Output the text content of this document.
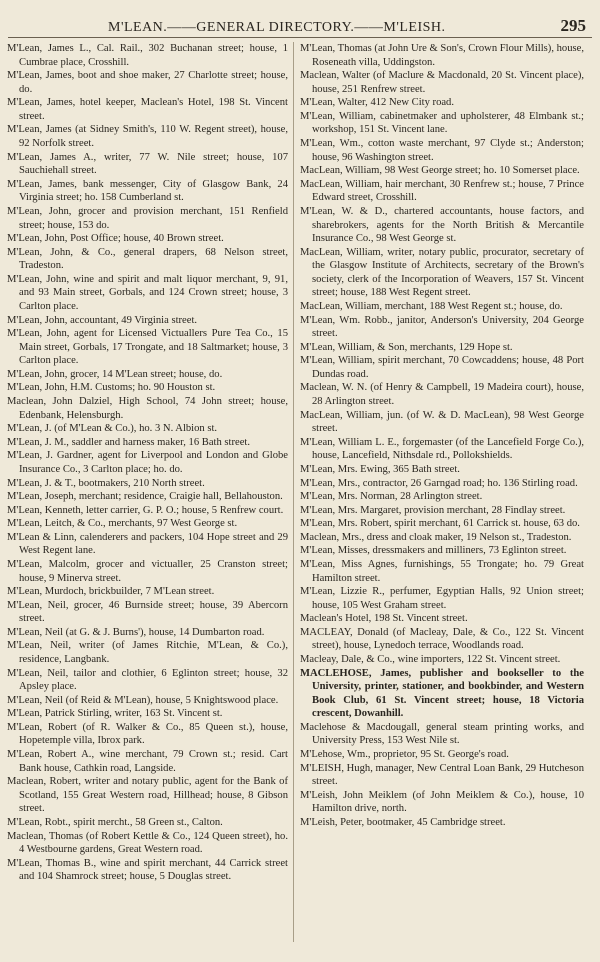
M'LEAN.——GENERAL DIRECTORY.——M'LEISH.	295

M'Lean, James L., Cal. Rail., 302 Buchanan street; house, 1 Cumbrae place, Crosshill.

M'Lean, James, boot and shoe maker, 27 Charlotte street; house, do.

M'Lean, James, hotel keeper, Maclean's Hotel, 198 St. Vincent street.

M'Lean, James (at Sidney Smith's, 110 W. Regent street), house, 92 Norfolk street.

M'Lean, James A., writer, 77 W. Nile street; house, 107 Sauchiehall street.

M'Lean, James, bank messenger, City of Glasgow Bank, 24 Virginia street; ho. 158 Cumberland st.

M'Lean, John, grocer and provision merchant, 151 Renfield street; house, 153 do.

M'Lean, John, Post Office; house, 40 Brown street.

M'Lean, John, & Co., general drapers, 68 Nelson street, Tradeston.

M'Lean, John, wine and spirit and malt liquor merchant, 9, 91, and 93 Main street, Gorbals, and 124 Crown street; house, 3 Carlton place.

M'Lean, John, accountant, 49 Virginia street.

M'Lean, John, agent for Licensed Victuallers Pure Tea Co., 15 Main street, Gorbals, 17 Trongate, and 18 Saltmarket; house, 3 Carlton place.

M'Lean, John, grocer, 14 M'Lean street; house, do.

M'Lean, John, H.M. Customs; ho. 90 Houston st.

Maclean, John Dalziel, High School, 74 John street; house, Edenbank, Helensburgh.

M'Lean, J. (of M'Lean & Co.), ho. 3 N. Albion st.

M'Lean, J. M., saddler and harness maker, 16 Bath street.

M'Lean, J. Gardner, agent for Liverpool and London and Globe Insurance Co., 3 Carlton place; ho. do.

M'Lean, J. & T., bootmakers, 210 North street.

M'Lean, Joseph, merchant; residence, Craigie hall, Bellahouston.

M'Lean, Kenneth, letter carrier, G. P. O.; house, 5 Renfrew court.

M'Lean, Leitch, & Co., merchants, 97 West George st.

M'Lean & Linn, calenderers and packers, 104 Hope street and 29 West Regent lane.

M'Lean, Malcolm, grocer and victualler, 25 Cranston street; house, 9 Minerva street.

M'Lean, Murdoch, brickbuilder, 7 M'Lean street.

M'Lean, Neil, grocer, 46 Burnside street; house, 39 Abercorn street.

M'Lean, Neil (at G. & J. Burns'), house, 14 Dumbarton road.

M'Lean, Neil, writer (of James Ritchie, M'Lean, & Co.), residence, Langbank.

M'Lean, Neil, tailor and clothier, 6 Eglinton street; house, 32 Apsley place.

M'Lean, Neil (of Reid & M'Lean), house, 5 Knightswood place.

M'Lean, Patrick Stirling, writer, 163 St. Vincent st.

M'Lean, Robert (of R. Walker & Co., 85 Queen st.), house, Hopetemple villa, Ibrox park.

M'Lean, Robert A., wine merchant, 79 Crown st.; resid. Cart Bank house, Cathkin road, Langside.

Maclean, Robert, writer and notary public, agent for the Bank of Scotland, 155 Great Western road, Hillhead; house, 8 Gibson street.

M'Lean, Robt., spirit mercht., 58 Green st., Calton.

Maclean, Thomas (of Robert Kettle & Co., 124 Queen street), ho. 4 Westbourne gardens, Great Western road.

M'Lean, Thomas B., wine and spirit merchant, 44 Carrick street and 104 Shamrock street; house, 5 Douglas street.

M'Lean, Thomas (at John Ure & Son's, Crown Flour Mills), house, Roseneath villa, Uddingston.

Maclean, Walter (of Maclure & Macdonald, 20 St. Vincent place), house, 251 Renfrew street.

M'Lean, Walter, 412 New City road.

M'Lean, William, cabinetmaker and upholsterer, 48 Elmbank st.; workshop, 151 St. Vincent lane.

M'Lean, Wm., cotton waste merchant, 97 Clyde st.; Anderston; house, 96 Washington street.

MacLean, William, 98 West George street; ho. 10 Somerset place.

MacLean, William, hair merchant, 30 Renfrew st.; house, 7 Prince Edward street, Crosshill.

M'Lean, W. & D., chartered accountants, house factors, and sharebrokers, agents for the North British & Mercantile Insurance Co., 98 West George st.

MacLean, William, writer, notary public, procurator, secretary of the Glasgow Institute of Architects, secretary of the Brown's society, clerk of the Incorporation of Weavers, 157 St. Vincent street; house, 188 West Regent street.

MacLean, William, merchant, 188 West Regent st.; house, do.

M'Lean, Wm. Robb., janitor, Anderson's University, 204 George street.

M'Lean, William, & Son, merchants, 129 Hope st.

M'Lean, William, spirit merchant, 70 Cowcaddens; house, 48 Port Dundas road.

Maclean, W. N. (of Henry & Campbell, 19 Madeira court), house, 28 Arlington street.

MacLean, William, jun. (of W. & D. MacLean), 98 West George street.

M'Lean, William L. E., forgemaster (of the Lancefield Forge Co.), house, Lancefield, Nithsdale rd., Pollokshields.

M'Lean, Mrs. Ewing, 365 Bath street.

M'Lean, Mrs., contractor, 26 Garngad road; ho. 136 Stirling road.

M'Lean, Mrs. Norman, 28 Arlington street.

M'Lean, Mrs. Margaret, provision merchant, 28 Findlay street.

M'Lean, Mrs. Robert, spirit merchant, 61 Carrick st. house, 63 do.

Maclean, Mrs., dress and cloak maker, 19 Nelson st., Tradeston.

M'Lean, Misses, dressmakers and milliners, 73 Eglinton street.

M'Lean, Miss Agnes, furnishings, 55 Trongate; ho. 79 Great Hamilton street.

M'Lean, Lizzie R., perfumer, Egyptian Halls, 92 Union street; house, 105 West Graham street.

Maclean's Hotel, 198 St. Vincent street.

MACLEAY, Donald (of Macleay, Dale, & Co., 122 St. Vincent street), house, Lynedoch terrace, Woodlands road.

Macleay, Dale, & Co., wine importers, 122 St. Vincent street.

MACLEHOSE, James, publisher and bookseller to the University, printer, stationer, and bookbinder, and Western Book Club, 61 St. Vincent street; house, 18 Victoria crescent, Dowanhill.

Maclehose & Macdougall, general steam printing works, and University Press, 153 West Nile st.

M'Lehose, Wm., proprietor, 95 St. George's road.

M'LEISH, Hugh, manager, New Central Loan Bank, 29 Hutcheson street.

M'Leish, John Meiklem (of John Meiklem & Co.), house, 10 Hamilton drive, north.

M'Leish, Peter, bootmaker, 45 Cambridge street.
